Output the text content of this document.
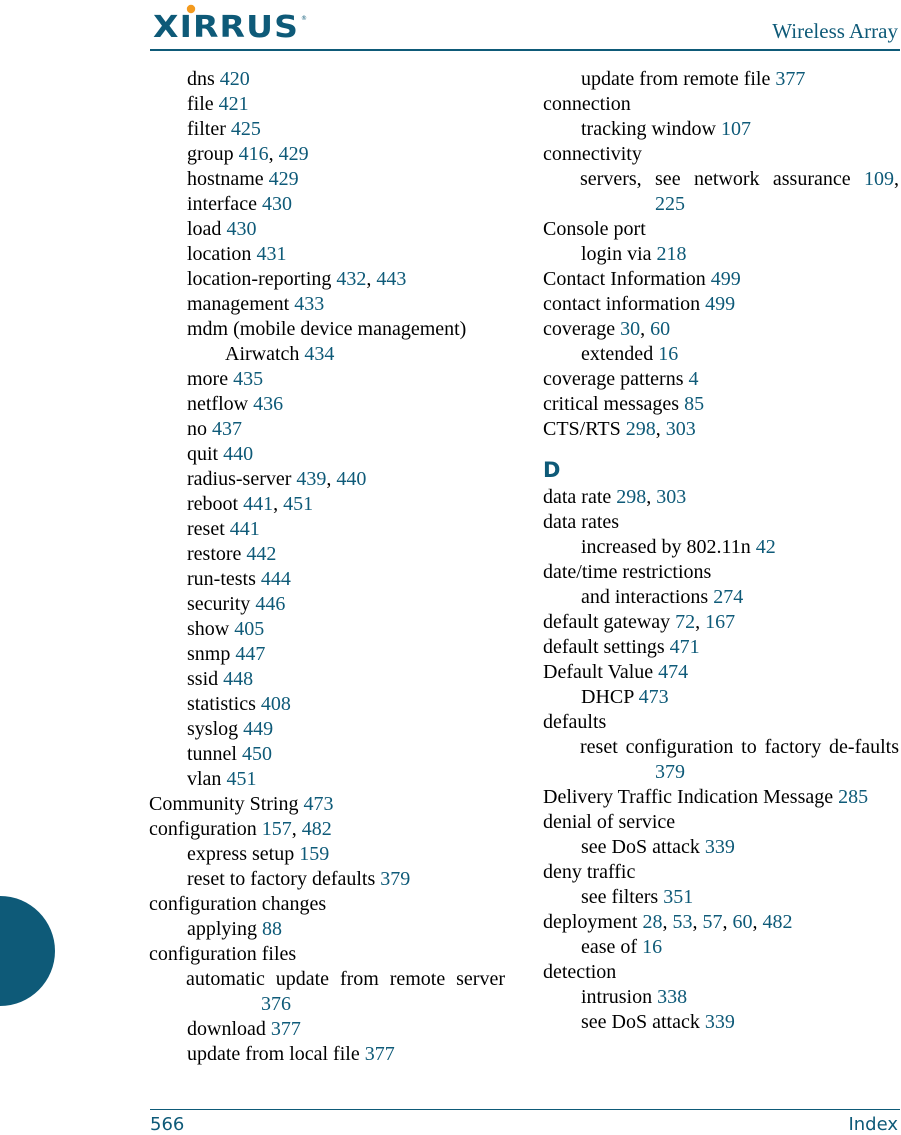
XIRRUS ®
Wireless Array
dns 420
file 421
filter 425
group 416, 429
hostname 429
interface 430
load 430
location 431
location-reporting 432, 443
management 433
mdm (mobile device management)
Airwatch 434
more 435
netflow 436
no 437
quit 440
radius-server 439, 440
reboot 441, 451
reset 441
restore 442
run-tests 444
security 446
show 405
snmp 447
ssid 448
statistics 408
syslog 449
tunnel 450
vlan 451
Community String 473
configuration 157, 482
express setup 159
reset to factory defaults 379
configuration changes
applying 88
configuration files
automatic update from remote server 376
download 377
update from local file 377
update from remote file 377
connection
tracking window 107
connectivity
servers, see network assurance 109, 225
Console port
login via 218
Contact Information 499
contact information 499
coverage 30, 60
extended 16
coverage patterns 4
critical messages 85
CTS/RTS 298, 303
D
data rate 298, 303
data rates
increased by 802.11n 42
date/time restrictions
and interactions 274
default gateway 72, 167
default settings 471
Default Value 474
DHCP 473
defaults
reset configuration to factory de-faults 379
Delivery Traffic Indication Message 285
denial of service
see DoS attack 339
deny traffic
see filters 351
deployment 28, 53, 57, 60, 482
ease of 16
detection
intrusion 338
see DoS attack 339
566	Index
